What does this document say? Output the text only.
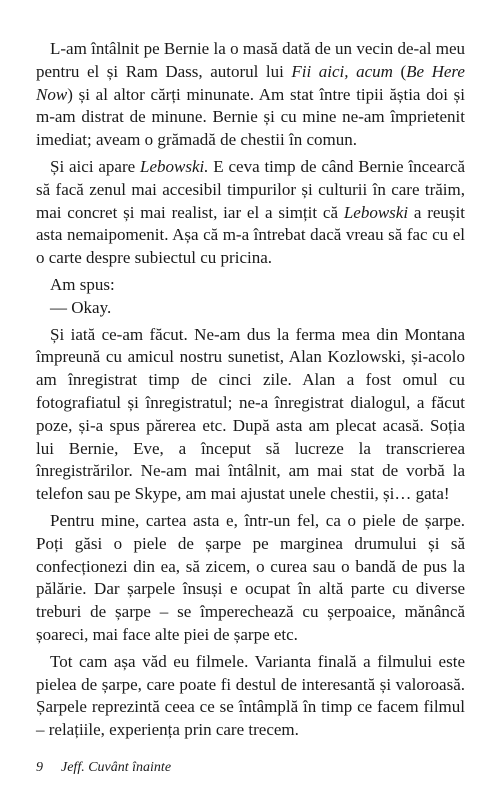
L-am întâlnit pe Bernie la o masă dată de un vecin de-al meu pentru el și Ram Dass, autorul lui Fii aici, acum (Be Here Now) și al altor cărți minunate. Am stat între tipii ăștia doi și m-am distrat de minune. Bernie și cu mine ne-am împrietenit imediat; aveam o grămadă de chestii în comun.

Și aici apare Lebowski. E ceva timp de când Bernie încearcă să facă zenul mai accesibil timpurilor și culturii în care trăim, mai concret și mai realist, iar el a simțit că Lebowski a reușit asta nemaipomenit. Așa că m-a întrebat dacă vreau să fac cu el o carte despre subiectul cu pricina.

Am spus:

— Okay.

Și iată ce-am făcut. Ne-am dus la ferma mea din Montana împreună cu amicul nostru sunetist, Alan Kozlowski, și-acolo am înregistrat timp de cinci zile. Alan a fost omul cu fotografiatul și înregistratul; ne-a înregistrat dialogul, a făcut poze, și-a spus părerea etc. După asta am plecat acasă. Soția lui Bernie, Eve, a început să lucreze la transcrierea înregistrărilor. Ne-am mai întâlnit, am mai stat de vorbă la telefon sau pe Skype, am mai ajustat unele chestii, și… gata!

Pentru mine, cartea asta e, într-un fel, ca o piele de șarpe. Poți găsi o piele de șarpe pe marginea drumului și să confecționezi din ea, să zicem, o curea sau o bandă de pus la pălărie. Dar șarpele însuși e ocupat în altă parte cu diverse treburi de șarpe – se împerechează cu șerpoaice, mănâncă șoareci, mai face alte piei de șarpe etc.

Tot cam așa văd eu filmele. Varianta finală a filmului este pielea de șarpe, care poate fi destul de interesantă și valoroasă. Șarpele reprezintă ceea ce se întâmplă în timp ce facem filmul – relațiile, experiența prin care trecem.

9 Jeff. Cuvânt înainte
